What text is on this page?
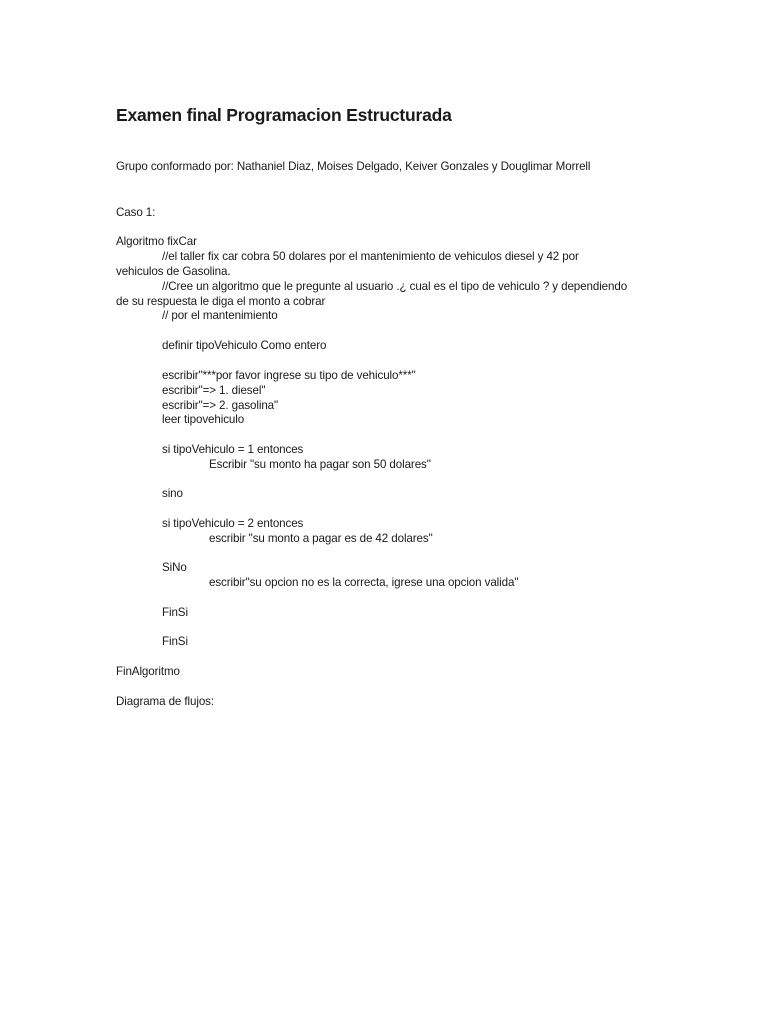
Examen final Programacion Estructurada
Grupo conformado por: Nathaniel Diaz, Moises Delgado, Keiver Gonzales y Douglimar Morrell
Caso 1:
Algoritmo fixCar
//el taller fix car cobra 50 dolares por el mantenimiento de vehiculos diesel y 42 por
vehiculos de Gasolina.
//Cree un algoritmo que le pregunte al usuario .¿ cual es el tipo de vehiculo ? y dependiendo
de su respuesta le diga el monto a cobrar
// por el mantenimiento
definir tipoVehiculo Como entero
escribir"***por favor ingrese su tipo de vehiculo***"
escribir"=> 1. diesel"
escribir"=> 2. gasolina"
leer tipovehiculo
si tipoVehiculo = 1 entonces
Escribir "su monto ha pagar son 50 dolares"
sino
si tipoVehiculo = 2 entonces
escribir "su monto a pagar es de 42 dolares"
SiNo
escribir"su opcion no es la correcta, igrese una opcion valida"
FinSi
FinSi
FinAlgoritmo
Diagrama de flujos:
